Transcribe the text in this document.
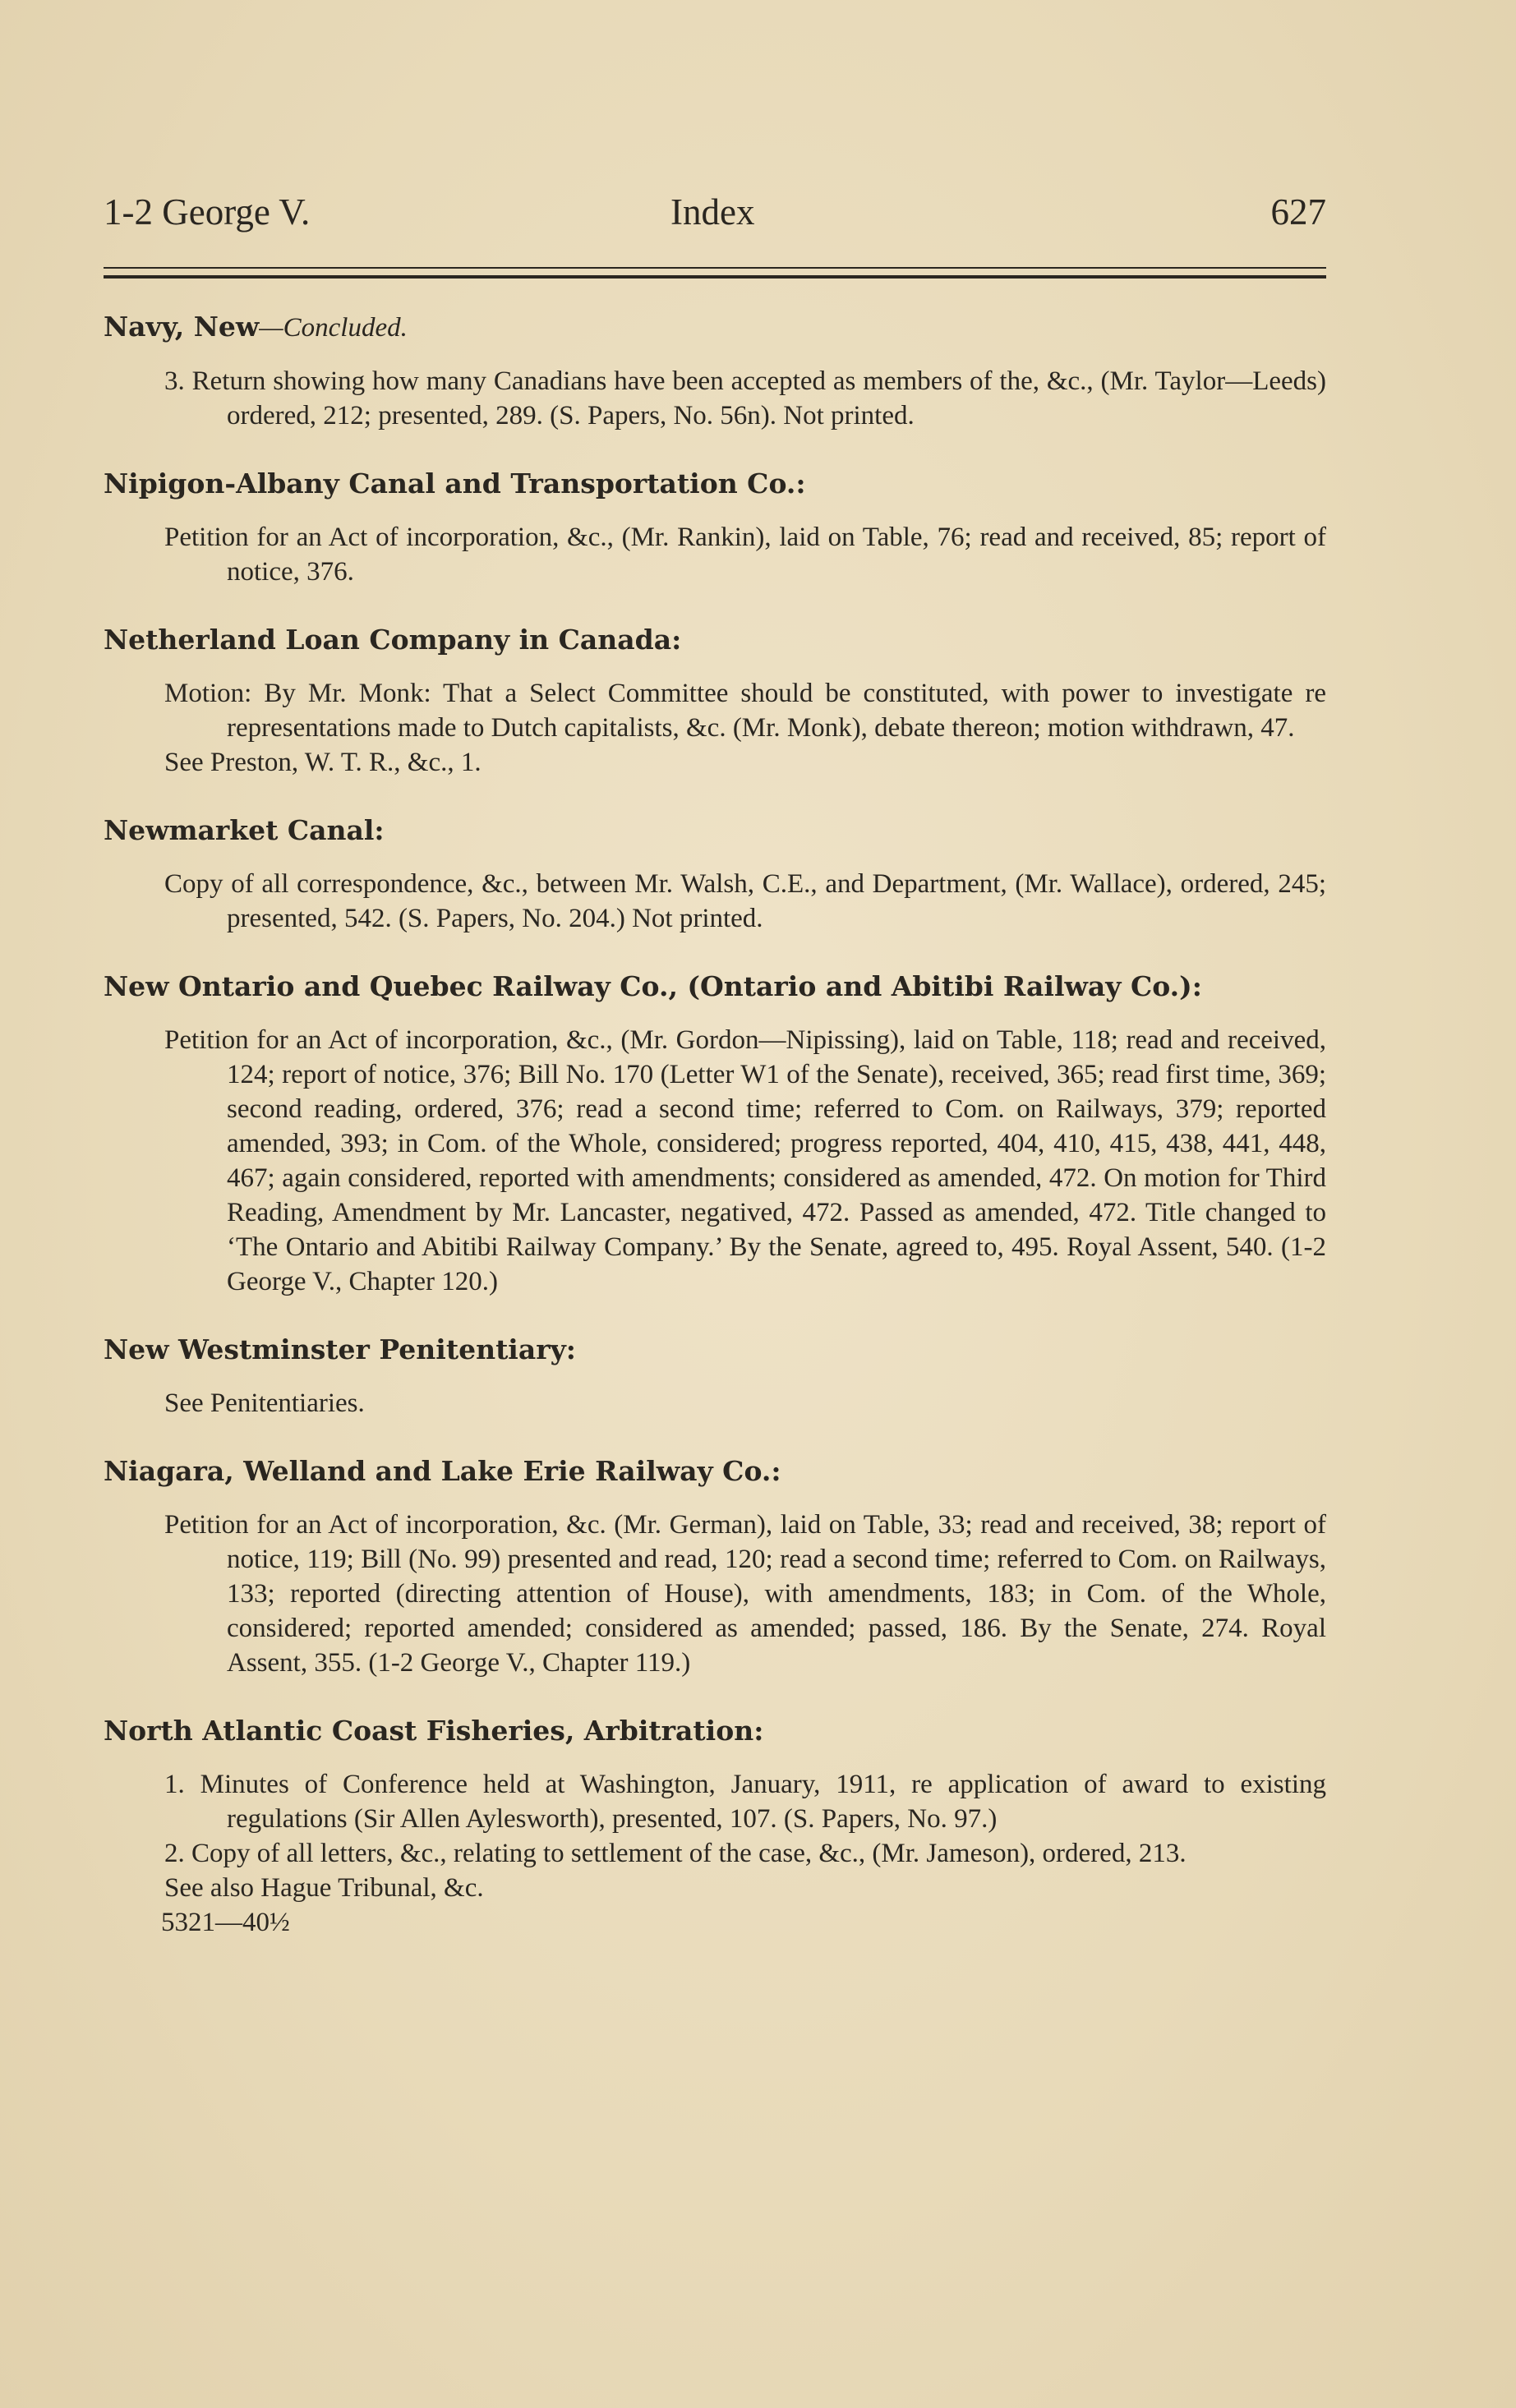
1-2 George V.	Index	627
Navy, New—Concluded.

3. Return showing how many Canadians have been accepted as members of the, &c., (Mr. Taylor—Leeds) ordered, 212; presented, 289. (S. Papers, No. 56n). Not printed.

Nipigon-Albany Canal and Transportation Co.:

Petition for an Act of incorporation, &c., (Mr. Rankin), laid on Table, 76; read and received, 85; report of notice, 376.

Netherland Loan Company in Canada:

Motion: By Mr. Monk: That a Select Committee should be constituted, with power to investigate re representations made to Dutch capitalists, &c. (Mr. Monk), debate thereon; motion withdrawn, 47.

See Preston, W. T. R., &c., 1.

Newmarket Canal:

Copy of all correspondence, &c., between Mr. Walsh, C.E., and Department, (Mr. Wallace), ordered, 245; presented, 542. (S. Papers, No. 204.) Not printed.

New Ontario and Quebec Railway Co., (Ontario and Abitibi Railway Co.):

Petition for an Act of incorporation, &c., (Mr. Gordon—Nipissing), laid on Table, 118; read and received, 124; report of notice, 376; Bill No. 170 (Letter W1 of the Senate), received, 365; read first time, 369; second reading, ordered, 376; read a second time; referred to Com. on Railways, 379; reported amended, 393; in Com. of the Whole, considered; progress reported, 404, 410, 415, 438, 441, 448, 467; again considered, reported with amendments; considered as amended, 472. On motion for Third Reading, Amendment by Mr. Lancaster, negatived, 472. Passed as amended, 472. Title changed to ‘The Ontario and Abitibi Railway Company.’ By the Senate, agreed to, 495. Royal Assent, 540. (1-2 George V., Chapter 120.)

New Westminster Penitentiary:

See Penitentiaries.

Niagara, Welland and Lake Erie Railway Co.:

Petition for an Act of incorporation, &c. (Mr. German), laid on Table, 33; read and received, 38; report of notice, 119; Bill (No. 99) presented and read, 120; read a second time; referred to Com. on Railways, 133; reported (directing attention of House), with amendments, 183; in Com. of the Whole, considered; reported amended; considered as amended; passed, 186. By the Senate, 274. Royal Assent, 355. (1-2 George V., Chapter 119.)

North Atlantic Coast Fisheries, Arbitration:

1. Minutes of Conference held at Washington, January, 1911, re application of award to existing regulations (Sir Allen Aylesworth), presented, 107. (S. Papers, No. 97.)

2. Copy of all letters, &c., relating to settlement of the case, &c., (Mr. Jameson), ordered, 213.

See also Hague Tribunal, &c.

5321—40½
